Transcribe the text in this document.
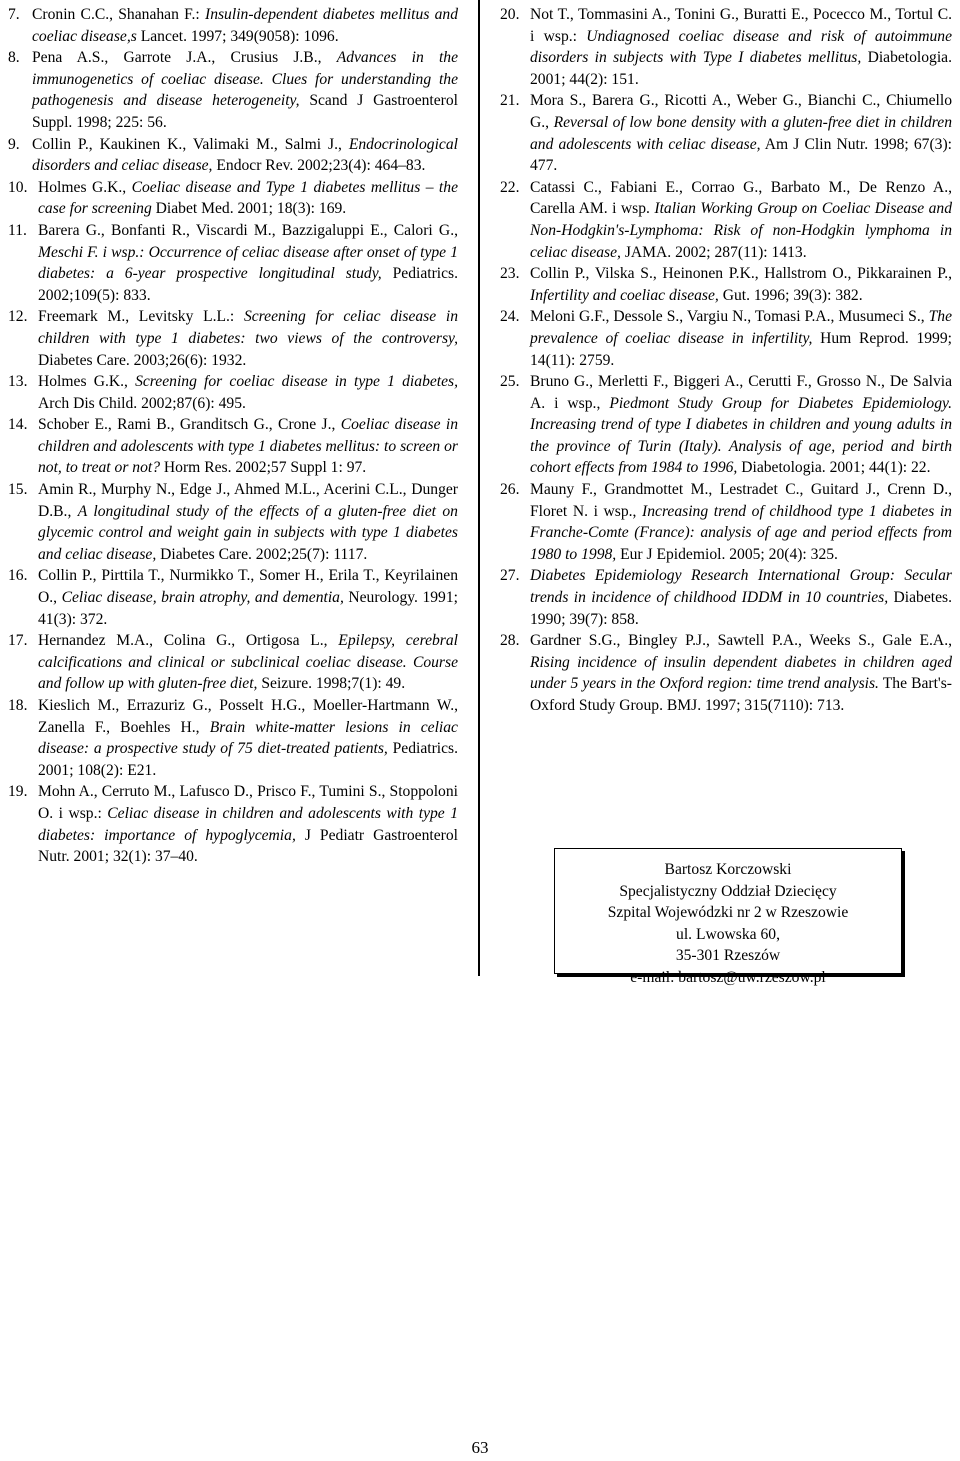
7. Cronin C.C., Shanahan F.: Insulin-dependent diabetes mellitus and coeliac disease,s Lancet. 1997; 349(9058): 1096.

8. Pena A.S., Garrote J.A., Crusius J.B., Advances in the immunogenetics of coeliac disease. Clues for understanding the pathogenesis and disease heterogeneity, Scand J Gastroenterol Suppl. 1998; 225: 56.

9. Collin P., Kaukinen K., Valimaki M., Salmi J., Endocrinological disorders and celiac disease, Endocr Rev. 2002;23(4): 464–83.

10. Holmes G.K., Coeliac disease and Type 1 diabetes mellitus – the case for screening Diabet Med. 2001; 18(3): 169.

11. Barera G., Bonfanti R., Viscardi M., Bazzigaluppi E., Calori G., Meschi F. i wsp.: Occurrence of celiac disease after onset of type 1 diabetes: a 6-year prospective longitudinal study, Pediatrics. 2002;109(5): 833.

12. Freemark M., Levitsky L.L.: Screening for celiac disease in children with type 1 diabetes: two views of the controversy, Diabetes Care. 2003;26(6): 1932.

13. Holmes G.K., Screening for coeliac disease in type 1 diabetes, Arch Dis Child. 2002;87(6): 495.

14. Schober E., Rami B., Granditsch G., Crone J., Coeliac disease in children and adolescents with type 1 diabetes mellitus: to screen or not, to treat or not? Horm Res. 2002;57 Suppl 1: 97.

15. Amin R., Murphy N., Edge J., Ahmed M.L., Acerini C.L., Dunger D.B., A longitudinal study of the effects of a gluten-free diet on glycemic control and weight gain in subjects with type 1 diabetes and celiac disease, Diabetes Care. 2002;25(7): 1117.

16. Collin P., Pirttila T., Nurmikko T., Somer H., Erila T., Keyrilainen O., Celiac disease, brain atrophy, and dementia, Neurology. 1991; 41(3): 372.

17. Hernandez M.A., Colina G., Ortigosa L., Epilepsy, cerebral calcifications and clinical or subclinical coeliac disease. Course and follow up with gluten-free diet, Seizure. 1998;7(1): 49.

18. Kieslich M., Errazuriz G., Posselt H.G., Moeller-Hartmann W., Zanella F., Boehles H., Brain white-matter lesions in celiac disease: a prospective study of 75 diet-treated patients, Pediatrics. 2001; 108(2): E21.

19. Mohn A., Cerruto M., Lafusco D., Prisco F., Tumini S., Stoppoloni O. i wsp.: Celiac disease in children and adolescents with type 1 diabetes: importance of hypoglycemia, J Pediatr Gastroenterol Nutr. 2001; 32(1): 37–40.

20. Not T., Tommasini A., Tonini G., Buratti E., Pocecco M., Tortul C. i wsp.: Undiagnosed coeliac disease and risk of autoimmune disorders in subjects with Type I diabetes mellitus, Diabetologia. 2001; 44(2): 151.

21. Mora S., Barera G., Ricotti A., Weber G., Bianchi C., Chiumello G., Reversal of low bone density with a gluten-free diet in children and adolescents with celiac disease, Am J Clin Nutr. 1998; 67(3): 477.

22. Catassi C., Fabiani E., Corrao G., Barbato M., De Renzo A., Carella AM. i wsp. Italian Working Group on Coeliac Disease and Non-Hodgkin's-Lymphoma: Risk of non-Hodgkin lymphoma in celiac disease, JAMA. 2002; 287(11): 1413.

23. Collin P., Vilska S., Heinonen P.K., Hallstrom O., Pikkarainen P., Infertility and coeliac disease, Gut. 1996; 39(3): 382.

24. Meloni G.F., Dessole S., Vargiu N., Tomasi P.A., Musumeci S., The prevalence of coeliac disease in infertility, Hum Reprod. 1999; 14(11): 2759.

25. Bruno G., Merletti F., Biggeri A., Cerutti F., Grosso N., De Salvia A. i wsp., Piedmont Study Group for Diabetes Epidemiology. Increasing trend of type I diabetes in children and young adults in the province of Turin (Italy). Analysis of age, period and birth cohort effects from 1984 to 1996, Diabetologia. 2001; 44(1): 22.

26. Mauny F., Grandmottet M., Lestradet C., Guitard J., Crenn D., Floret N. i wsp., Increasing trend of childhood type 1 diabetes in Franche-Comte (France): analysis of age and period effects from 1980 to 1998, Eur J Epidemiol. 2005; 20(4): 325.

27. Diabetes Epidemiology Research International Group: Secular trends in incidence of childhood IDDM in 10 countries, Diabetes. 1990; 39(7): 858.

28. Gardner S.G., Bingley P.J., Sawtell P.A., Weeks S., Gale E.A., Rising incidence of insulin dependent diabetes in children aged under 5 years in the Oxford region: time trend analysis. The Bart's-Oxford Study Group. BMJ. 1997; 315(7110): 713.

Bartosz Korczowski
Specjalistyczny Oddział Dziecięcy
Szpital Wojewódzki nr 2 w Rzeszowie
ul. Lwowska 60,
35-301 Rzeszów
e-mail: bartosz@uw.rzeszow.pl
63
